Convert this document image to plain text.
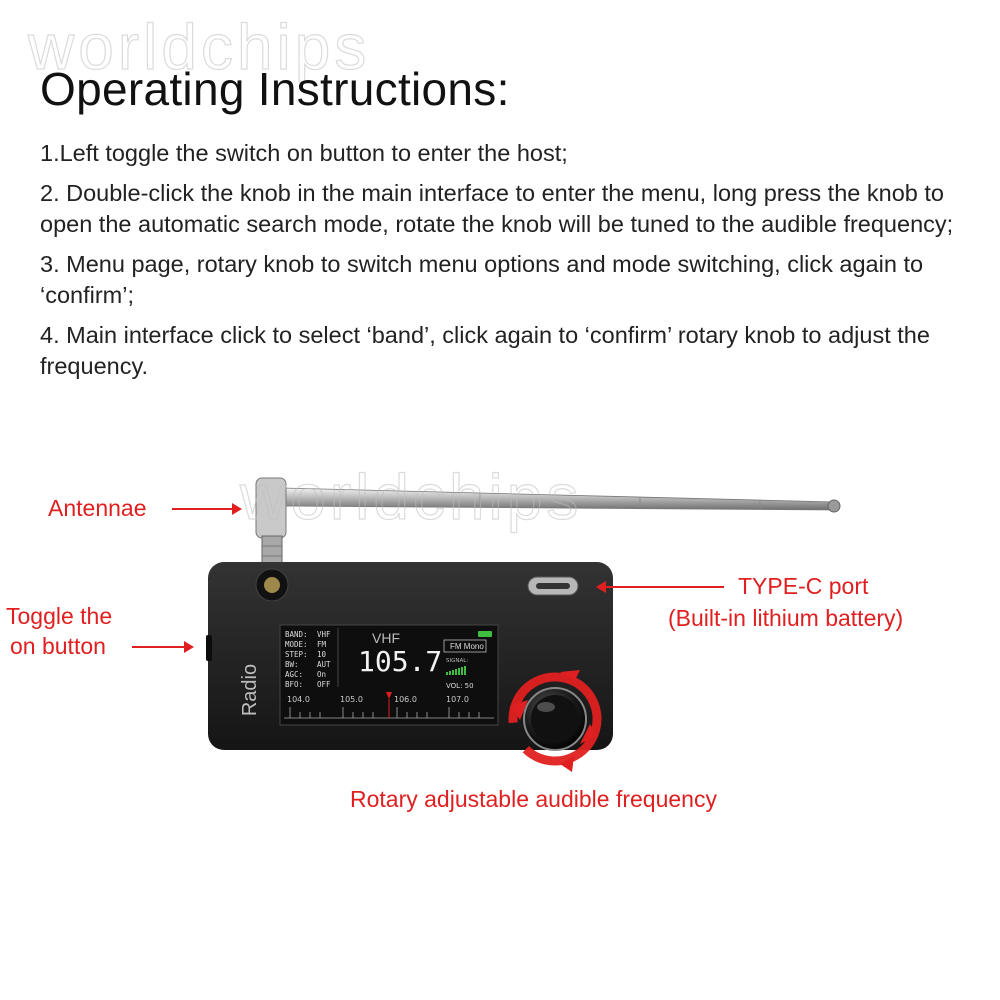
worldchips
Operating Instructions:
1.Left toggle the switch on button to enter the host;
2. Double-click the knob in the main interface to enter the menu, long press the knob to open the automatic search mode, rotate the knob will be tuned to the audible frequency;
3. Menu page, rotary knob to switch menu options and mode switching, click again to ‘confirm’;
4. Main interface click to select ‘band’, click again to ‘confirm’ rotary knob to adjust the frequency.
Radio
BAND: VHF
MODE: FM
STEP: 10
BW: AUT
AGC: On
BFO: OFF
VHF
105.7 FM Mono
SIGNAL:
VOL: 50
104.0	105.0	106.0	107.0
worldchips
Antennae
TYPE-C port
(Built-in lithium battery)
Toggle the
on button
Rotary adjustable audible frequency
